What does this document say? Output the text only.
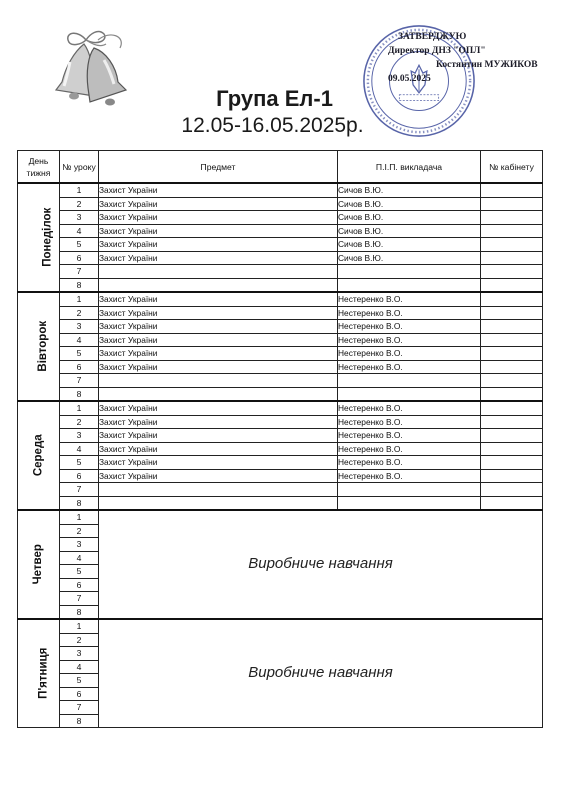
ЗАТВЕРДЖУЮ
Директор ДНЗ "ОПЛ"
Костянтин МУЖИКОВ
09.05.2025
Група Ел-1
12.05-16.05.2025р.
День тижня	№ уроку	Предмет	П.І.П. викладача	№ кабінету
Понеділок	1	Захист України	Сичов В.Ю.	
	2	Захист України	Сичов В.Ю.	
	3	Захист України	Сичов В.Ю.	
	4	Захист України	Сичов В.Ю.	
	5	Захист України	Сичов В.Ю.	
	6	Захист України	Сичов В.Ю.	
	7			
	8			
Вівторок	1	Захист України	Нестеренко В.О.	
	2	Захист України	Нестеренко В.О.	
	3	Захист України	Нестеренко В.О.	
	4	Захист України	Нестеренко В.О.	
	5	Захист України	Нестеренко В.О.	
	6	Захист України	Нестеренко В.О.	
	7			
	8			
Середа	1	Захист України	Нестеренко В.О.	
	2	Захист України	Нестеренко В.О.	
	3	Захист України	Нестеренко В.О.	
	4	Захист України	Нестеренко В.О.	
	5	Захист України	Нестеренко В.О.	
	6	Захист України	Нестеренко В.О.	
	7			
	8			
Четвер	1	Виробниче навчання		
	2			
	3			
	4			
	5			
	6			
	7			
	8			
П'ятниця	1	Виробниче навчання		
	2			
	3			
	4			
	5			
	6			
	7			
	8			
